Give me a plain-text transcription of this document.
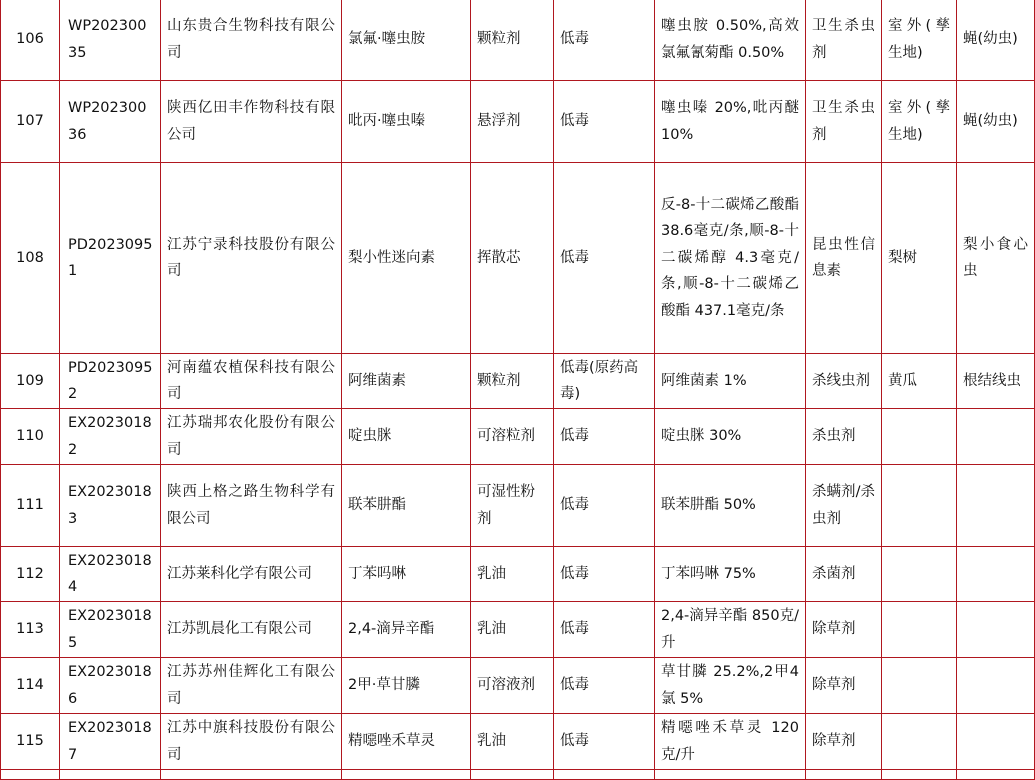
106	WP20230035	山东贵合生物科技有限公司	氯氟·噻虫胺	颗粒剂	低毒	噻虫胺 0.50%,高效氯氟氰菊酯 0.50%	卫生杀虫剂	室外(孳生地)	蝇(幼虫)

107	WP20230036	陕西亿田丰作物科技有限公司	吡丙·噻虫嗪	悬浮剂	低毒	噻虫嗪 20%,吡丙醚 10%	卫生杀虫剂	室外(孳生地)	蝇(幼虫)

108	PD20230951	江苏宁录科技股份有限公司	梨小性迷向素	挥散芯	低毒	反-8-十二碳烯乙酸酯 38.6毫克/条,顺-8-十二碳烯醇 4.3毫克/条,顺-8-十二碳烯乙酸酯 437.1毫克/条	昆虫性信息素	梨树	梨小食心虫

109	PD20230952	河南蕴农植保科技有限公司	阿维菌素	颗粒剂	低毒(原药高毒)	阿维菌素 1%	杀线虫剂	黄瓜	根结线虫

110	EX20230182	江苏瑞邦农化股份有限公司	啶虫脒	可溶粒剂	低毒	啶虫脒 30%	杀虫剂		

111	EX20230183	陕西上格之路生物科学有限公司	联苯肼酯	可湿性粉剂	低毒	联苯肼酯 50%	杀螨剂/杀虫剂		

112	EX20230184	江苏莱科化学有限公司	丁苯吗啉	乳油	低毒	丁苯吗啉 75%	杀菌剂		

113	EX20230185	江苏凯晨化工有限公司	2,4-滴异辛酯	乳油	低毒	2,4-滴异辛酯 850克/升	除草剂		

114	EX20230186	江苏苏州佳辉化工有限公司	2甲·草甘膦	可溶液剂	低毒	草甘膦 25.2%,2甲4氯 5%	除草剂		

115	EX20230187	江苏中旗科技股份有限公司	精噁唑禾草灵	乳油	低毒	精噁唑禾草灵 120克/升	除草剂		
